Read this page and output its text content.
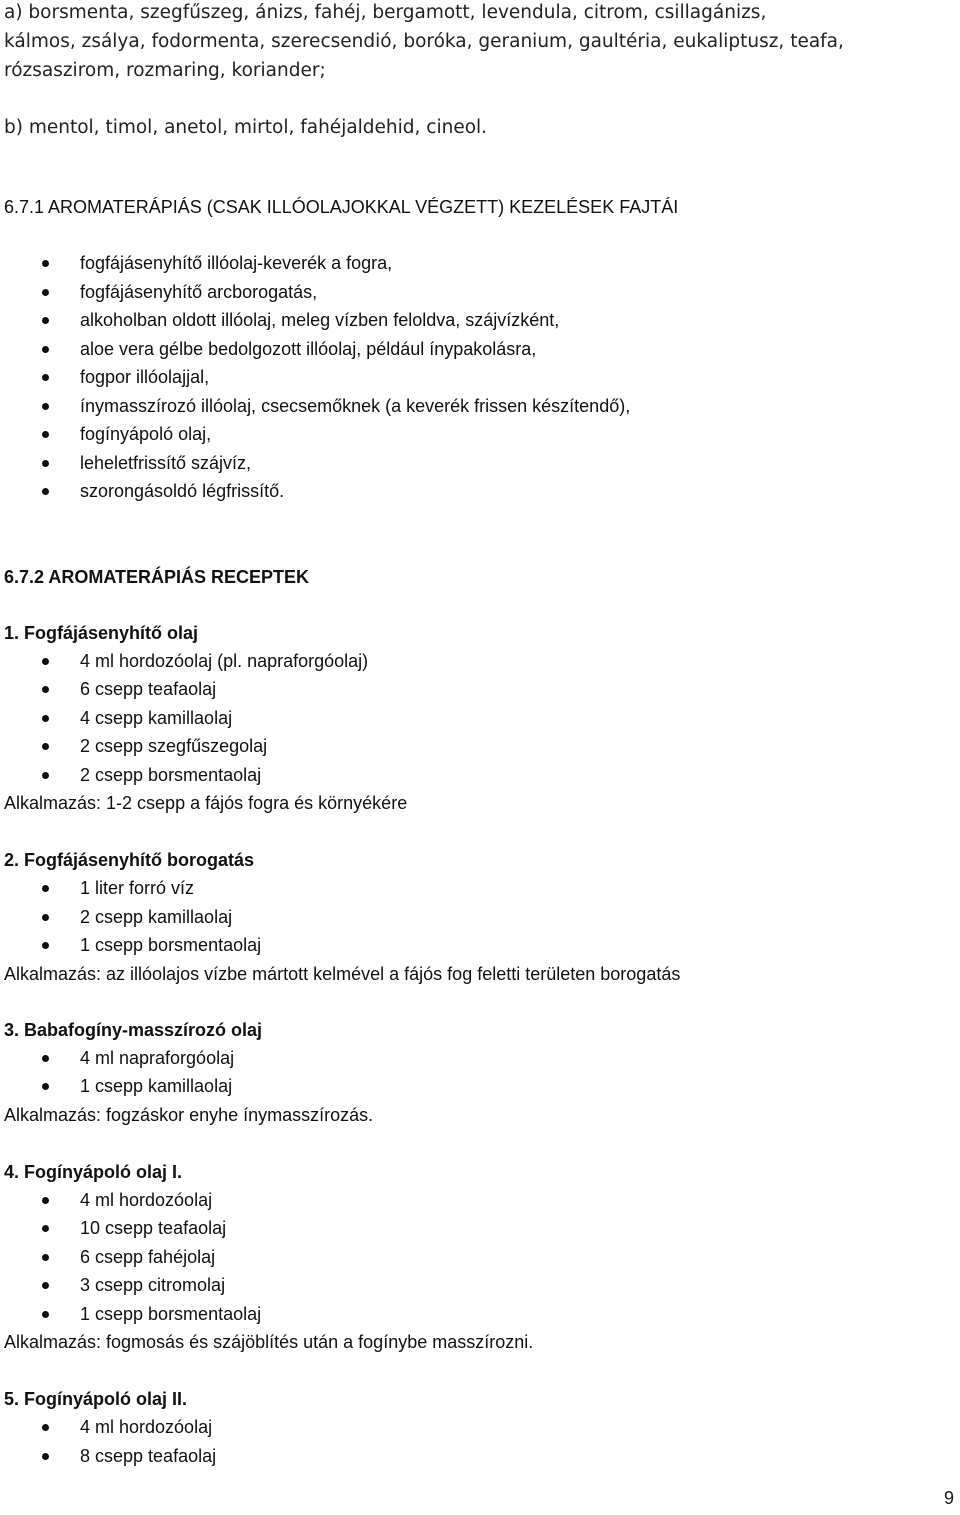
a) borsmenta, szegfűszeg, ánizs, fahéj, bergamott, levendula, citrom, csillagánizs,
kálmos, zsálya, fodormenta, szerecsendió, boróka, geranium, gaultéria, eukaliptusz, teafa,
rózsaszirom, rozmaring, koriander;
b) mentol, timol, anetol, mirtol, fahéjaldehid, cineol.
6.7.1 AROMATERÁPIÁS (CSAK ILLÓOLAJOKKAL VÉGZETT) KEZELÉSEK FAJTÁI
fogfájásenyhítő illóolaj-keverék a fogra,
fogfájásenyhítő arcborogatás,
alkoholban oldott illóolaj, meleg vízben feloldva, szájvízként,
aloe vera gélbe bedolgozott illóolaj, például ínypakolásra,
fogpor illóolajjal,
ínymasszírozó illóolaj, csecsemőknek (a keverék frissen készítendő),
fogínyápoló olaj,
leheletfrissítő szájvíz,
szorongásoldó légfrissítő.
6.7.2 AROMATERÁPIÁS RECEPTEK
1. Fogfájásenyhítő olaj
4 ml hordozóolaj (pl. napraforgóolaj)
6 csepp teafaolaj
4 csepp kamillaolaj
2 csepp szegfűszegolaj
2 csepp borsmentaolaj
Alkalmazás: 1-2 csepp a fájós fogra és környékére
2. Fogfájásenyhítő borogatás
1 liter forró víz
2 csepp kamillaolaj
1 csepp borsmentaolaj
Alkalmazás: az illóolajos vízbe mártott kelmével a fájós fog feletti területen borogatás
3. Babafogíny-masszírozó olaj
4 ml napraforgóolaj
1 csepp kamillaolaj
Alkalmazás: fogzáskor enyhe ínymasszírozás.
4. Fogínyápoló olaj I.
4 ml hordozóolaj
10 csepp teafaolaj
6 csepp fahéjolaj
3 csepp citromolaj
1 csepp borsmentaolaj
Alkalmazás: fogmosás és szájöblítés után a fogínybe masszírozni.
5. Fogínyápoló olaj II.
4 ml hordozóolaj
8 csepp teafaolaj
9
